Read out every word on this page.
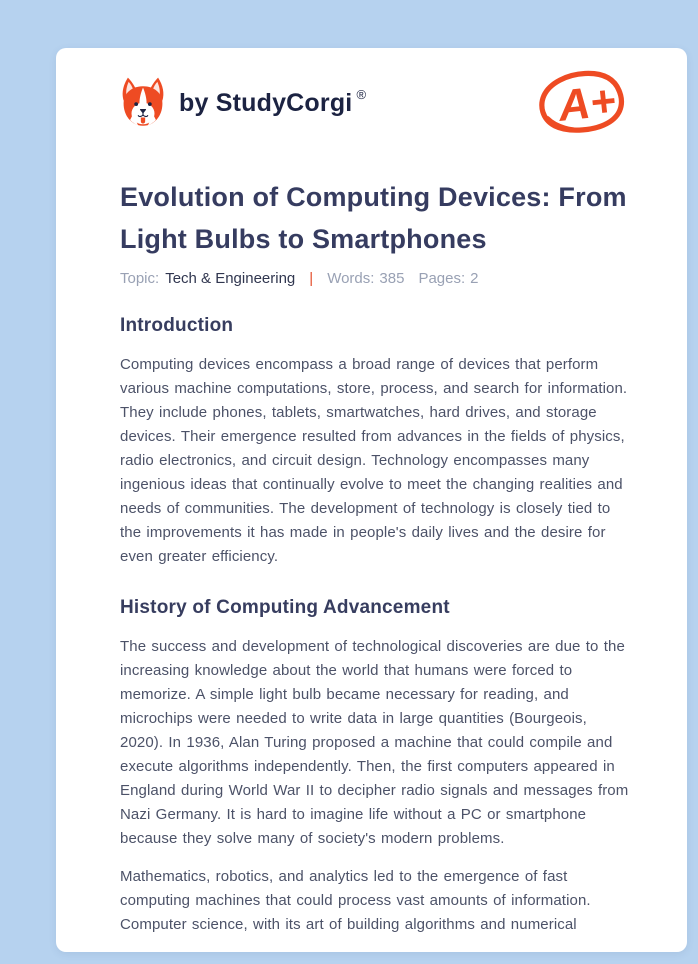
by StudyCorgi ®	A+
Evolution of Computing Devices: From Light Bulbs to Smartphones
Topic: Tech & Engineering | Words: 385 Pages: 2
Introduction

Computing devices encompass a broad range of devices that perform various machine computations, store, process, and search for information. They include phones, tablets, smartwatches, hard drives, and storage devices. Their emergence resulted from advances in the fields of physics, radio electronics, and circuit design. Technology encompasses many ingenious ideas that continually evolve to meet the changing realities and needs of communities. The development of technology is closely tied to the improvements it has made in people's daily lives and the desire for even greater efficiency.

History of Computing Advancement

The success and development of technological discoveries are due to the increasing knowledge about the world that humans were forced to memorize. A simple light bulb became necessary for reading, and microchips were needed to write data in large quantities (Bourgeois, 2020). In 1936, Alan Turing proposed a machine that could compile and execute algorithms independently. Then, the first computers appeared in England during World War II to decipher radio signals and messages from Nazi Germany. It is hard to imagine life without a PC or smartphone because they solve many of society's modern problems.

Mathematics, robotics, and analytics led to the emergence of fast computing machines that could process vast amounts of information. Computer science, with its art of building algorithms and numerical
